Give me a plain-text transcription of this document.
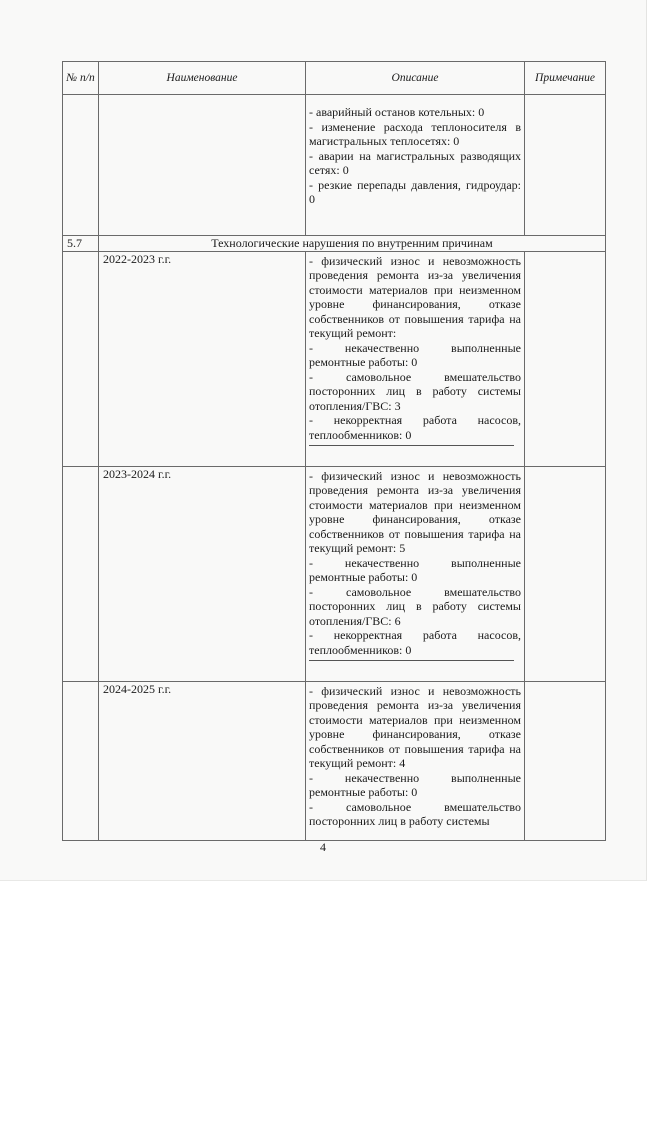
№ п/п	Наименование	Описание	Примечание

		- аварийный останов котельных: 0

- изменение расхода теплоносителя в магистральных теплосетях: 0

- аварии на магистральных разводящих сетях: 0

- резкие перепады давления, гидроудар: 0	

5.7	Технологические нарушения по внутренним причинам		
	2022-2023 г.г.	- физический износ и невозможность проведения ремонта из-за увеличения стоимости материалов при неизменном уровне финансирования, отказе собственников от повышения тарифа на текущий ремонт:

- некачественно выполненные ремонтные работы: 0

- самовольное вмешательство посторонних лиц в работу системы отопления/ГВС: 3

- некорректная работа насосов, теплообменников: 0	

	2023-2024 г.г.	- физический износ и невозможность проведения ремонта из-за увеличения стоимости материалов при неизменном уровне финансирования, отказе собственников от повышения тарифа на текущий ремонт: 5

- некачественно выполненные ремонтные работы: 0

- самовольное вмешательство посторонних лиц в работу системы отопления/ГВС: 6

- некорректная работа насосов, теплообменников: 0	

	2024-2025 г.г.	- физический износ и невозможность проведения ремонта из-за увеличения стоимости материалов при неизменном уровне финансирования, отказе собственников от повышения тарифа на текущий ремонт: 4

- некачественно выполненные ремонтные работы: 0

- самовольное вмешательство посторонних лиц в работу системы	

4
